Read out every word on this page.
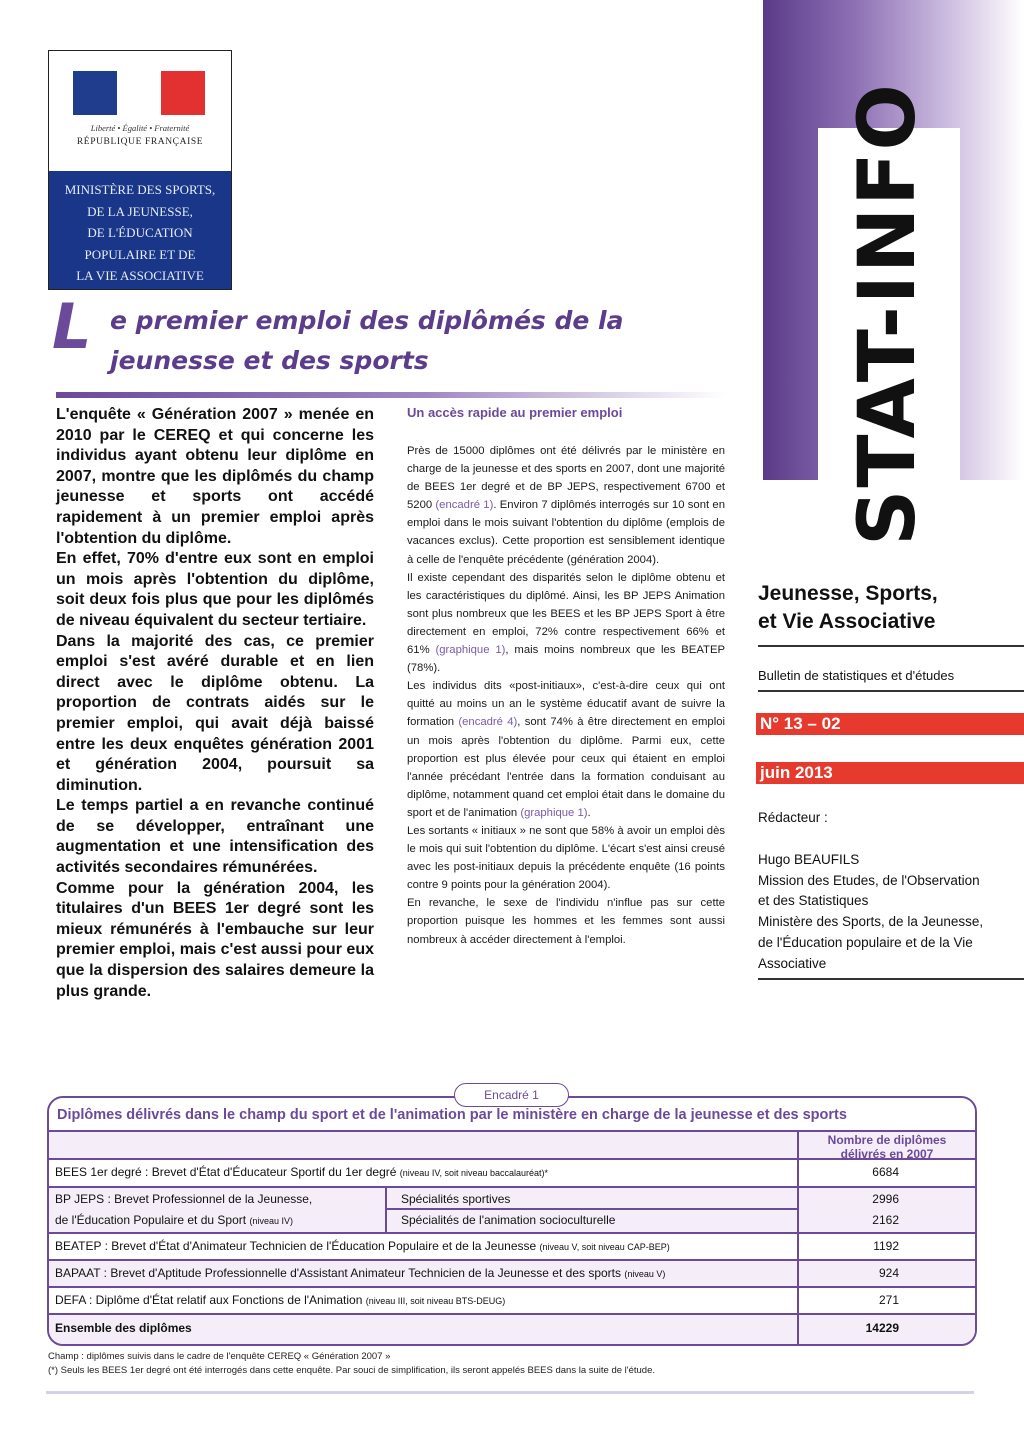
STAT-INFO
Liberté • Égalité • Fraternité
RÉPUBLIQUE FRANÇAISE
MINISTÈRE DES SPORTS,
DE LA JEUNESSE,
DE L'ÉDUCATION
POPULAIRE ET DE
LA VIE ASSOCIATIVE
L e premier emploi des diplômés de la
jeunesse et des sports

L'enquête « Génération 2007 » menée en 2010 par le CEREQ et qui concerne les individus ayant obtenu leur diplôme en 2007, montre que les diplômés du champ jeunesse et sports ont accédé rapidement à un premier emploi après l'obtention du diplôme.

En effet, 70% d'entre eux sont en emploi un mois après l'obtention du diplôme, soit deux fois plus que pour les diplômés de niveau équivalent du secteur tertiaire.

Dans la majorité des cas, ce premier emploi s'est avéré durable et en lien direct avec le diplôme obtenu. La proportion de contrats aidés sur le premier emploi, qui avait déjà baissé entre les deux enquêtes génération 2001 et génération 2004, poursuit sa diminution.

Le temps partiel a en revanche continué de se développer, entraînant une augmentation et une intensification des activités secondaires rémunérées.

Comme pour la génération 2004, les titulaires d'un BEES 1er degré sont les mieux rémunérés à l'embauche sur leur premier emploi, mais c'est aussi pour eux que la dispersion des salaires demeure la plus grande.

Un accès rapide au premier emploi

Près de 15000 diplômes ont été délivrés par le ministère en charge de la jeunesse et des sports en 2007, dont une majorité de BEES 1er degré et de BP JEPS, respectivement 6700 et 5200 (encadré 1). Environ 7 diplômés interrogés sur 10 sont en emploi dans le mois suivant l'obtention du diplôme (emplois de vacances exclus). Cette proportion est sensiblement identique à celle de l'enquête précédente (génération 2004).

Il existe cependant des disparités selon le diplôme obtenu et les caractéristiques du diplômé. Ainsi, les BP JEPS Animation sont plus nombreux que les BEES et les BP JEPS Sport à être directement en emploi, 72% contre respectivement 66% et 61% (graphique 1), mais moins nombreux que les BEATEP (78%).

Les individus dits «post-initiaux», c'est-à-dire ceux qui ont quitté au moins un an le système éducatif avant de suivre la formation (encadré 4), sont 74% à être directement en emploi un mois après l'obtention du diplôme. Parmi eux, cette proportion est plus élevée pour ceux qui étaient en emploi l'année précédant l'entrée dans la formation conduisant au diplôme, notamment quand cet emploi était dans le domaine du sport et de l'animation (graphique 1).

Les sortants « initiaux » ne sont que 58% à avoir un emploi dès le mois qui suit l'obtention du diplôme. L'écart s'est ainsi creusé avec les post-initiaux depuis la précédente enquête (16 points contre 9 points pour la génération 2004).

En revanche, le sexe de l'individu n'influe pas sur cette proportion puisque les hommes et les femmes sont aussi nombreux à accéder directement à l'emploi.

Jeunesse, Sports,
et Vie Associative
Bulletin de statistiques et d'études
N° 13 – 02
juin 2013
Rédacteur :
Hugo BEAUFILS
Mission des Etudes, de l'Observation
et des Statistiques
Ministère des Sports, de la Jeunesse,
de l'Éducation populaire et de la Vie
Associative
Encadré 1
Diplômes délivrés dans le champ du sport et de l'animation par le ministère en charge de la jeunesse et des sports
Nombre de diplômes
délivrés en 2007
BEES 1er degré : Brevet d'État d'Éducateur Sportif du 1er degré (niveau IV, soit niveau baccalauréat)*	6684
BP JEPS : Brevet Professionnel de la Jeunesse,
de l'Éducation Populaire et du Sport (niveau IV)
Spécialités sportives	2996
Spécialités de l'animation socioculturelle	2162
BEATEP : Brevet d'État d'Animateur Technicien de l'Éducation Populaire et de la Jeunesse (niveau V, soit niveau CAP-BEP)	1192
BAPAAT : Brevet d'Aptitude Professionnelle d'Assistant Animateur Technicien de la Jeunesse et des sports (niveau V)	924
DEFA : Diplôme d'État relatif aux Fonctions de l'Animation (niveau III, soit niveau BTS-DEUG)	271
Ensemble des diplômes	14229
Champ : diplômes suivis dans le cadre de l'enquête CEREQ « Génération 2007 »
(*) Seuls les BEES 1er degré ont été interrogés dans cette enquête. Par souci de simplification, ils seront appelés BEES dans la suite de l'étude.
